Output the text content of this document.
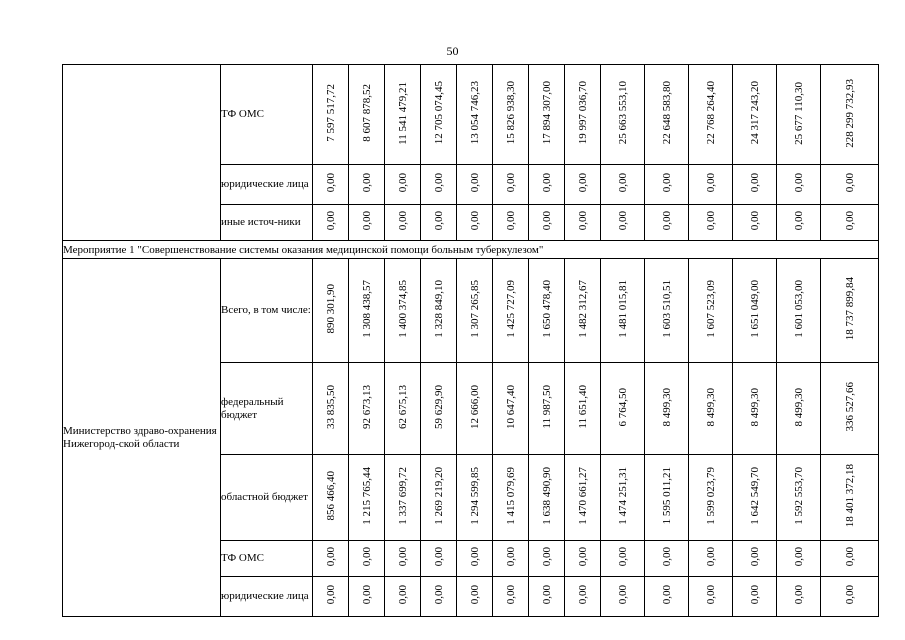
50
	ТФ ОМС	7 597 517,72	8 607 878,52	11 541 479,21	12 705 074,45	13 054 746,23	15 826 938,30	17 894 307,00	19 997 036,70	25 663 553,10	22 648 583,80	22 768 264,40	24 317 243,20	25 677 110,30	228 299 732,93
	юридические лица	0,00	0,00	0,00	0,00	0,00	0,00	0,00	0,00	0,00	0,00	0,00	0,00	0,00	0,00
	иные источ-ники	0,00	0,00	0,00	0,00	0,00	0,00	0,00	0,00	0,00	0,00	0,00	0,00	0,00	0,00
Мероприятие 1 "Совершенствование системы оказания медицинской помощи больным туберкулезом"															
Министерство здраво-охранения Нижегород-ской области	Всего, в том числе:	890 301,90	1 308 438,57	1 400 374,85	1 328 849,10	1 307 265,85	1 425 727,09	1 650 478,40	1 482 312,67	1 481 015,81	1 603 510,51	1 607 523,09	1 651 049,00	1 601 053,00	18 737 899,84
	федеральный бюджет	33 835,50	92 673,13	62 675,13	59 629,90	12 666,00	10 647,40	11 987,50	11 651,40	6 764,50	8 499,30	8 499,30	8 499,30	8 499,30	336 527,66
	областной бюджет	856 466,40	1 215 765,44	1 337 699,72	1 269 219,20	1 294 599,85	1 415 079,69	1 638 490,90	1 470 661,27	1 474 251,31	1 595 011,21	1 599 023,79	1 642 549,70	1 592 553,70	18 401 372,18
	ТФ ОМС	0,00	0,00	0,00	0,00	0,00	0,00	0,00	0,00	0,00	0,00	0,00	0,00	0,00	0,00
	юридические лица	0,00	0,00	0,00	0,00	0,00	0,00	0,00	0,00	0,00	0,00	0,00	0,00	0,00	0,00
